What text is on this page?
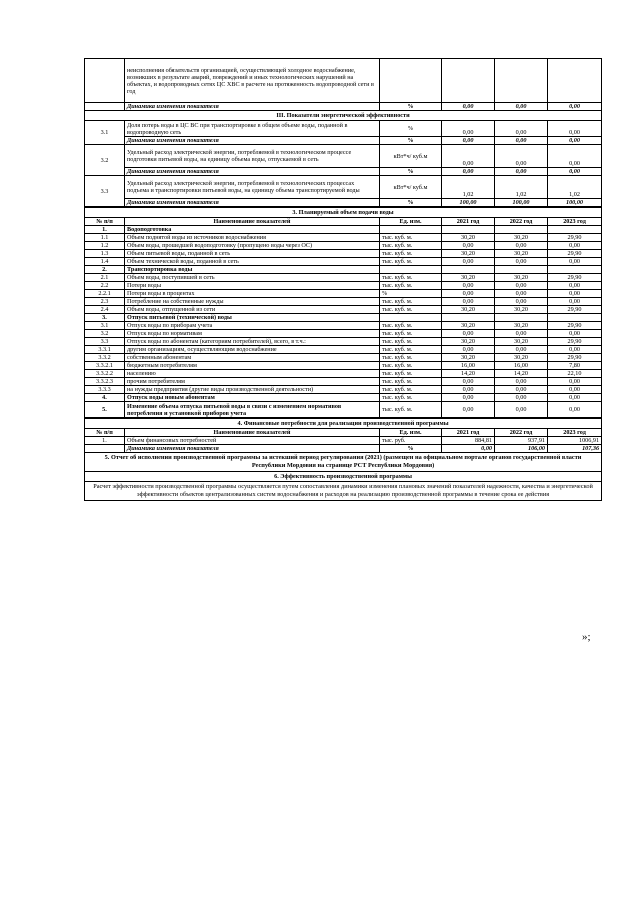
	неисполнения обязательств организацией, осуществляющей холодное водоснабжение, возникших в результате аварий, повреждений и иных технологических нарушений на объектах, и водопроводных сетях ЦС ХВС в расчете на протяженность водопроводной сети в год				
	Динамика изменения показателя	%	0,00	0,00	0,00
III. Показатели энергетической эффективности					
3.1	Доля потерь воды в ЦС ВС при транспортировке в общем объеме воды, поданной в водопроводную сеть	%	0,00	0,00	0,00
	Динамика изменения показателя	%	0,00	0,00	0,00
3.2	Удельный расход электрической энергии, потребляемой в технологическом процессе подготовки питьевой воды, на единицу объема воды, отпускаемой в сеть	кВт*ч/ куб.м	0,00	0,00	0,00
	Динамика изменения показателя	%	0,00	0,00	0,00
3.3	Удельный расход электрической энергии, потребляемой в технологических процессах подъема и транспортировки питьевой воды, на единицу объема транспортируемой воды	кВт*ч/ куб.м	1,02	1,02	1,02
	Динамика изменения показателя	%	100,00	100,00	100,00
3. Планируемый объем подачи воды					
№ п/п	Наименование показателей	Ед. изм.	2021 год	2022 год	2023 год
1.	Водоподготовка				
1.1	Объем поднятой воды из источников водоснабжения	тыс. куб. м.	30,20	30,20	29,90
1.2	Объем воды, прошедшей водоподготовку (пропущено воды через ОС)	тыс. куб. м.	0,00	0,00	0,00
1.3	Объем питьевой воды, поданной в сеть	тыс. куб. м.	30,20	30,20	29,90
1.4	Объем технической воды, поданной в сеть	тыс. куб. м.	0,00	0,00	0,00
2.	Транспортировка воды				
2.1	Объем воды, поступившей в сеть	тыс. куб. м.	30,20	30,20	29,90
2.2	Потери воды	тыс. куб. м.	0,00	0,00	0,00
2.2.1	Потери воды в процентах	%	0,00	0,00	0,00
2.3	Потребление на собственные нужды	тыс. куб. м.	0,00	0,00	0,00
2.4	Объем воды, отпущенной из сети	тыс. куб. м.	30,20	30,20	29,90
3.	Отпуск питьевой (технической) воды				
3.1	Отпуск воды по приборам учета	тыс. куб. м.	30,20	30,20	29,90
3.2	Отпуск воды по нормативам	тыс. куб. м.	0,00	0,00	0,00
3.3	Отпуск воды по абонентам (категориям потребителей), всего, в т.ч.:	тыс. куб. м.	30,20	30,20	29,90
3.3.1	другим организациям, осуществляющим водоснабжение	тыс. куб. м.	0,00	0,00	0,00
3.3.2	собственным абонентам	тыс. куб. м.	30,20	30,20	29,90
3.3.2.1	бюджетным потребителям	тыс. куб. м.	16,00	16,00	7,80
3.3.2.2	населению	тыс. куб. м.	14,20	14,20	22,10
3.3.2.3	прочим потребителям	тыс. куб. м.	0,00	0,00	0,00
3.3.3	на нужды предприятия (другие виды производственной деятельности)	тыс. куб. м.	0,00	0,00	0,00
4.	Отпуск воды новым абонентам	тыс. куб. м.	0,00	0,00	0,00
5.	Изменение объема отпуска питьевой воды в связи с изменением нормативов потребления и установкой приборов учета	тыс. куб. м.	0,00	0,00	0,00
4. Финансовые потребности для реализации производственной программы					
№ п/п	Наименование показателей	Ед. изм.	2021 год	2022 год	2023 год
1.	Объем финансовых потребностей	тыс. руб.	884,81	937,91	1006,91
	Динамика изменения показателя	%	0,00	106,00	107,36
5. Отчет об исполнении производственной программы за истекший период регулирования (2021) (размещен на официальном портале органов государственной власти Республики Мордовия на странице РСТ Республики Мордовия)					
6. Эффективность производственной программы					
Расчет эффективности производственной программы осуществляется путем сопоставления динамики изменения плановых значений показателей надежности, качества и энергетической эффективности объектов централизованных систем водоснабжения и расходов на реализацию производственной программы в течение срока ее действия					
»;
